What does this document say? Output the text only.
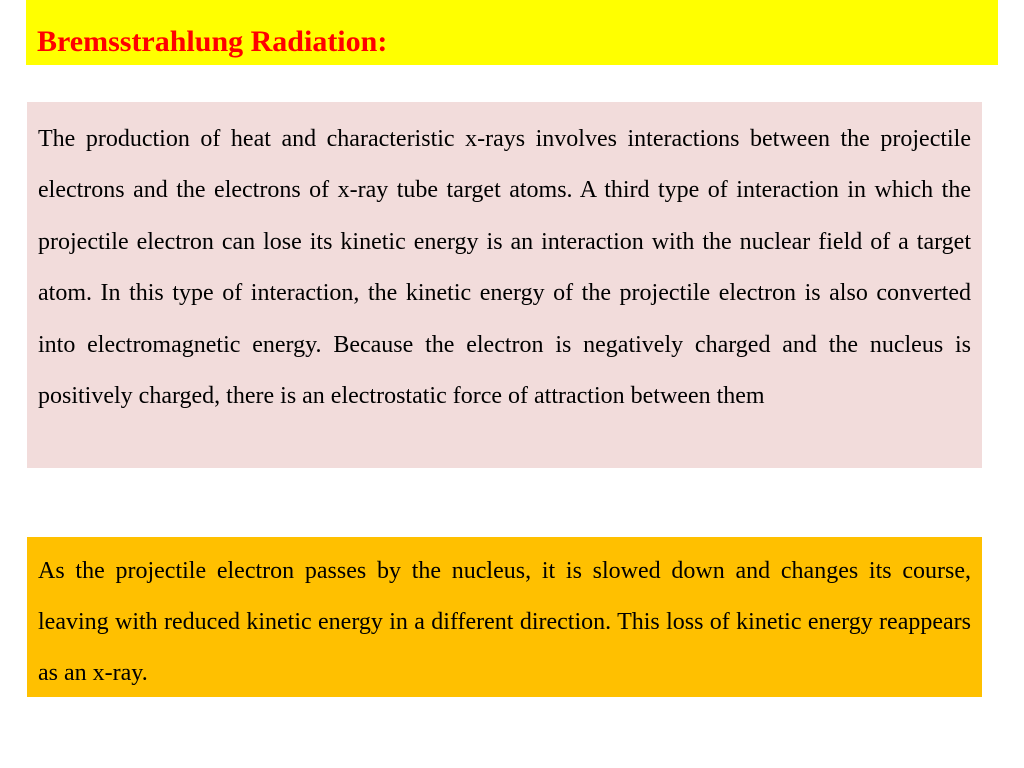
Bremsstrahlung Radiation:

The production of heat and characteristic x-rays involves interactions between the projectile electrons and the electrons of x-ray tube target atoms. A third type of interaction in which the projectile electron can lose its kinetic energy is an interaction with the nuclear field of a target atom. In this type of interaction, the kinetic energy of the projectile electron is also converted into electromagnetic energy. Because the electron is negatively charged and the nucleus is positively charged, there is an electrostatic force of attraction between them

As the projectile electron passes by the nucleus, it is slowed down and changes its course, leaving with reduced kinetic energy in a different direction. This loss of kinetic energy reappears as an x-ray.
